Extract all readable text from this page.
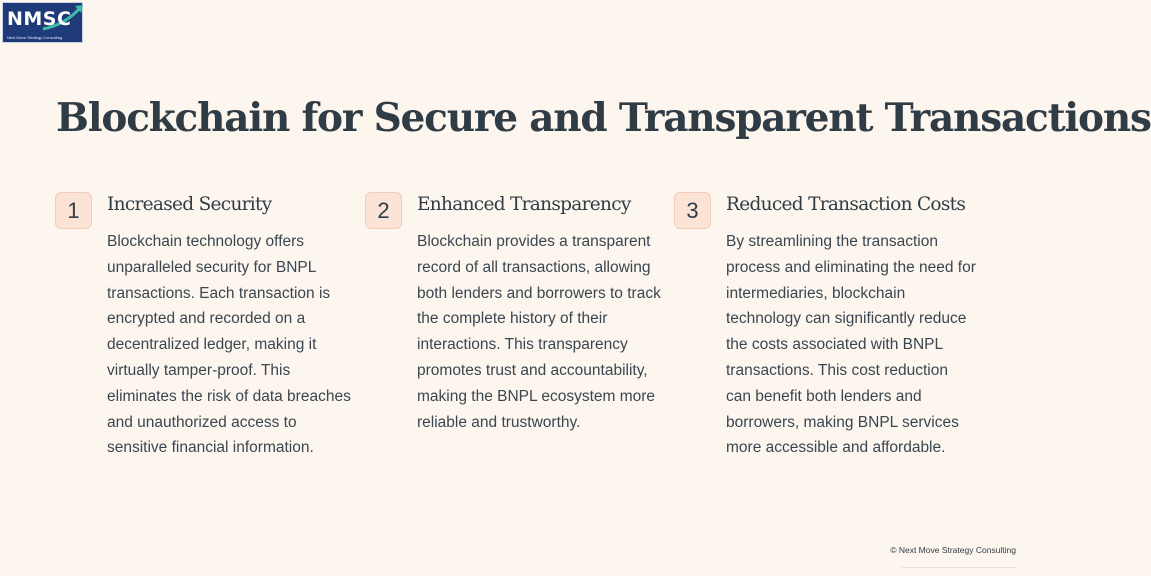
NMSC
Next Move Strategy Consulting
Blockchain for Secure and Transparent Transactions
1	Increased Security

Blockchain technology offers unparalleled security for BNPL transactions. Each transaction is encrypted and recorded on a decentralized ledger, making it virtually tamper-proof. This eliminates the risk of data breaches and unauthorized access to sensitive financial information.

2	Enhanced Transparency

Blockchain provides a transparent record of all transactions, allowing both lenders and borrowers to track the complete history of their interactions. This transparency promotes trust and accountability, making the BNPL ecosystem more reliable and trustworthy.

3	Reduced Transaction Costs

By streamlining the transaction process and eliminating the need for intermediaries, blockchain technology can significantly reduce the costs associated with BNPL transactions. This cost reduction can benefit both lenders and borrowers, making BNPL services more accessible and affordable.

© Next Move Strategy Consulting
